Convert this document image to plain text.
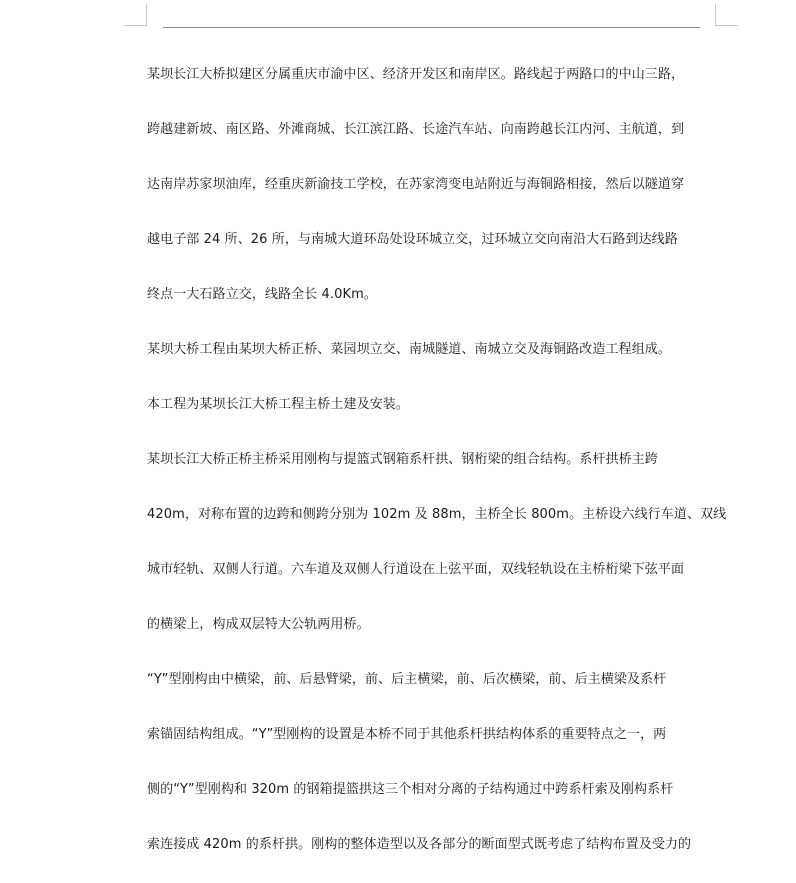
某坝长江大桥拟建区分属重庆市渝中区、经济开发区和南岸区。路线起于两路口的中山三路，
跨越建新坡、南区路、外滩商城、长江滨江路、长途汽车站、向南跨越长江内河、主航道，到
达南岸苏家坝油库，经重庆新渝技工学校，在苏家湾变电站附近与海铜路相接，然后以隧道穿
越电子部 24 所、26 所，与南城大道环岛处设环城立交，过环城立交向南沿大石路到达线路
终点一大石路立交，线路全长 4.0Km。
某坝大桥工程由某坝大桥正桥、菜园坝立交、南城隧道、南城立交及海铜路改造工程组成。
本工程为某坝长江大桥工程主桥土建及安装。
某坝长江大桥正桥主桥采用刚构与提篮式钢箱系杆拱、钢桁梁的组合结构。系杆拱桥主跨
420m，对称布置的边跨和侧跨分别为 102m 及 88m，主桥全长 800m。主桥设六线行车道、双线
城市轻轨、双侧人行道。六车道及双侧人行道设在上弦平面，双线轻轨设在主桥桁梁下弦平面
的横梁上，构成双层特大公轨两用桥。
“Y”型刚构由中横梁，前、后悬臂梁，前、后主横梁，前、后次横梁，前、后主横梁及系杆
索锚固结构组成。“Y”型刚构的设置是本桥不同于其他系杆拱结构体系的重要特点之一，两
侧的“Y”型刚构和 320m 的钢箱提篮拱这三个相对分离的子结构通过中跨系杆索及刚构系杆
索连接成 420m 的系杆拱。刚构的整体造型以及各部分的断面型式既考虑了结构布置及受力的
